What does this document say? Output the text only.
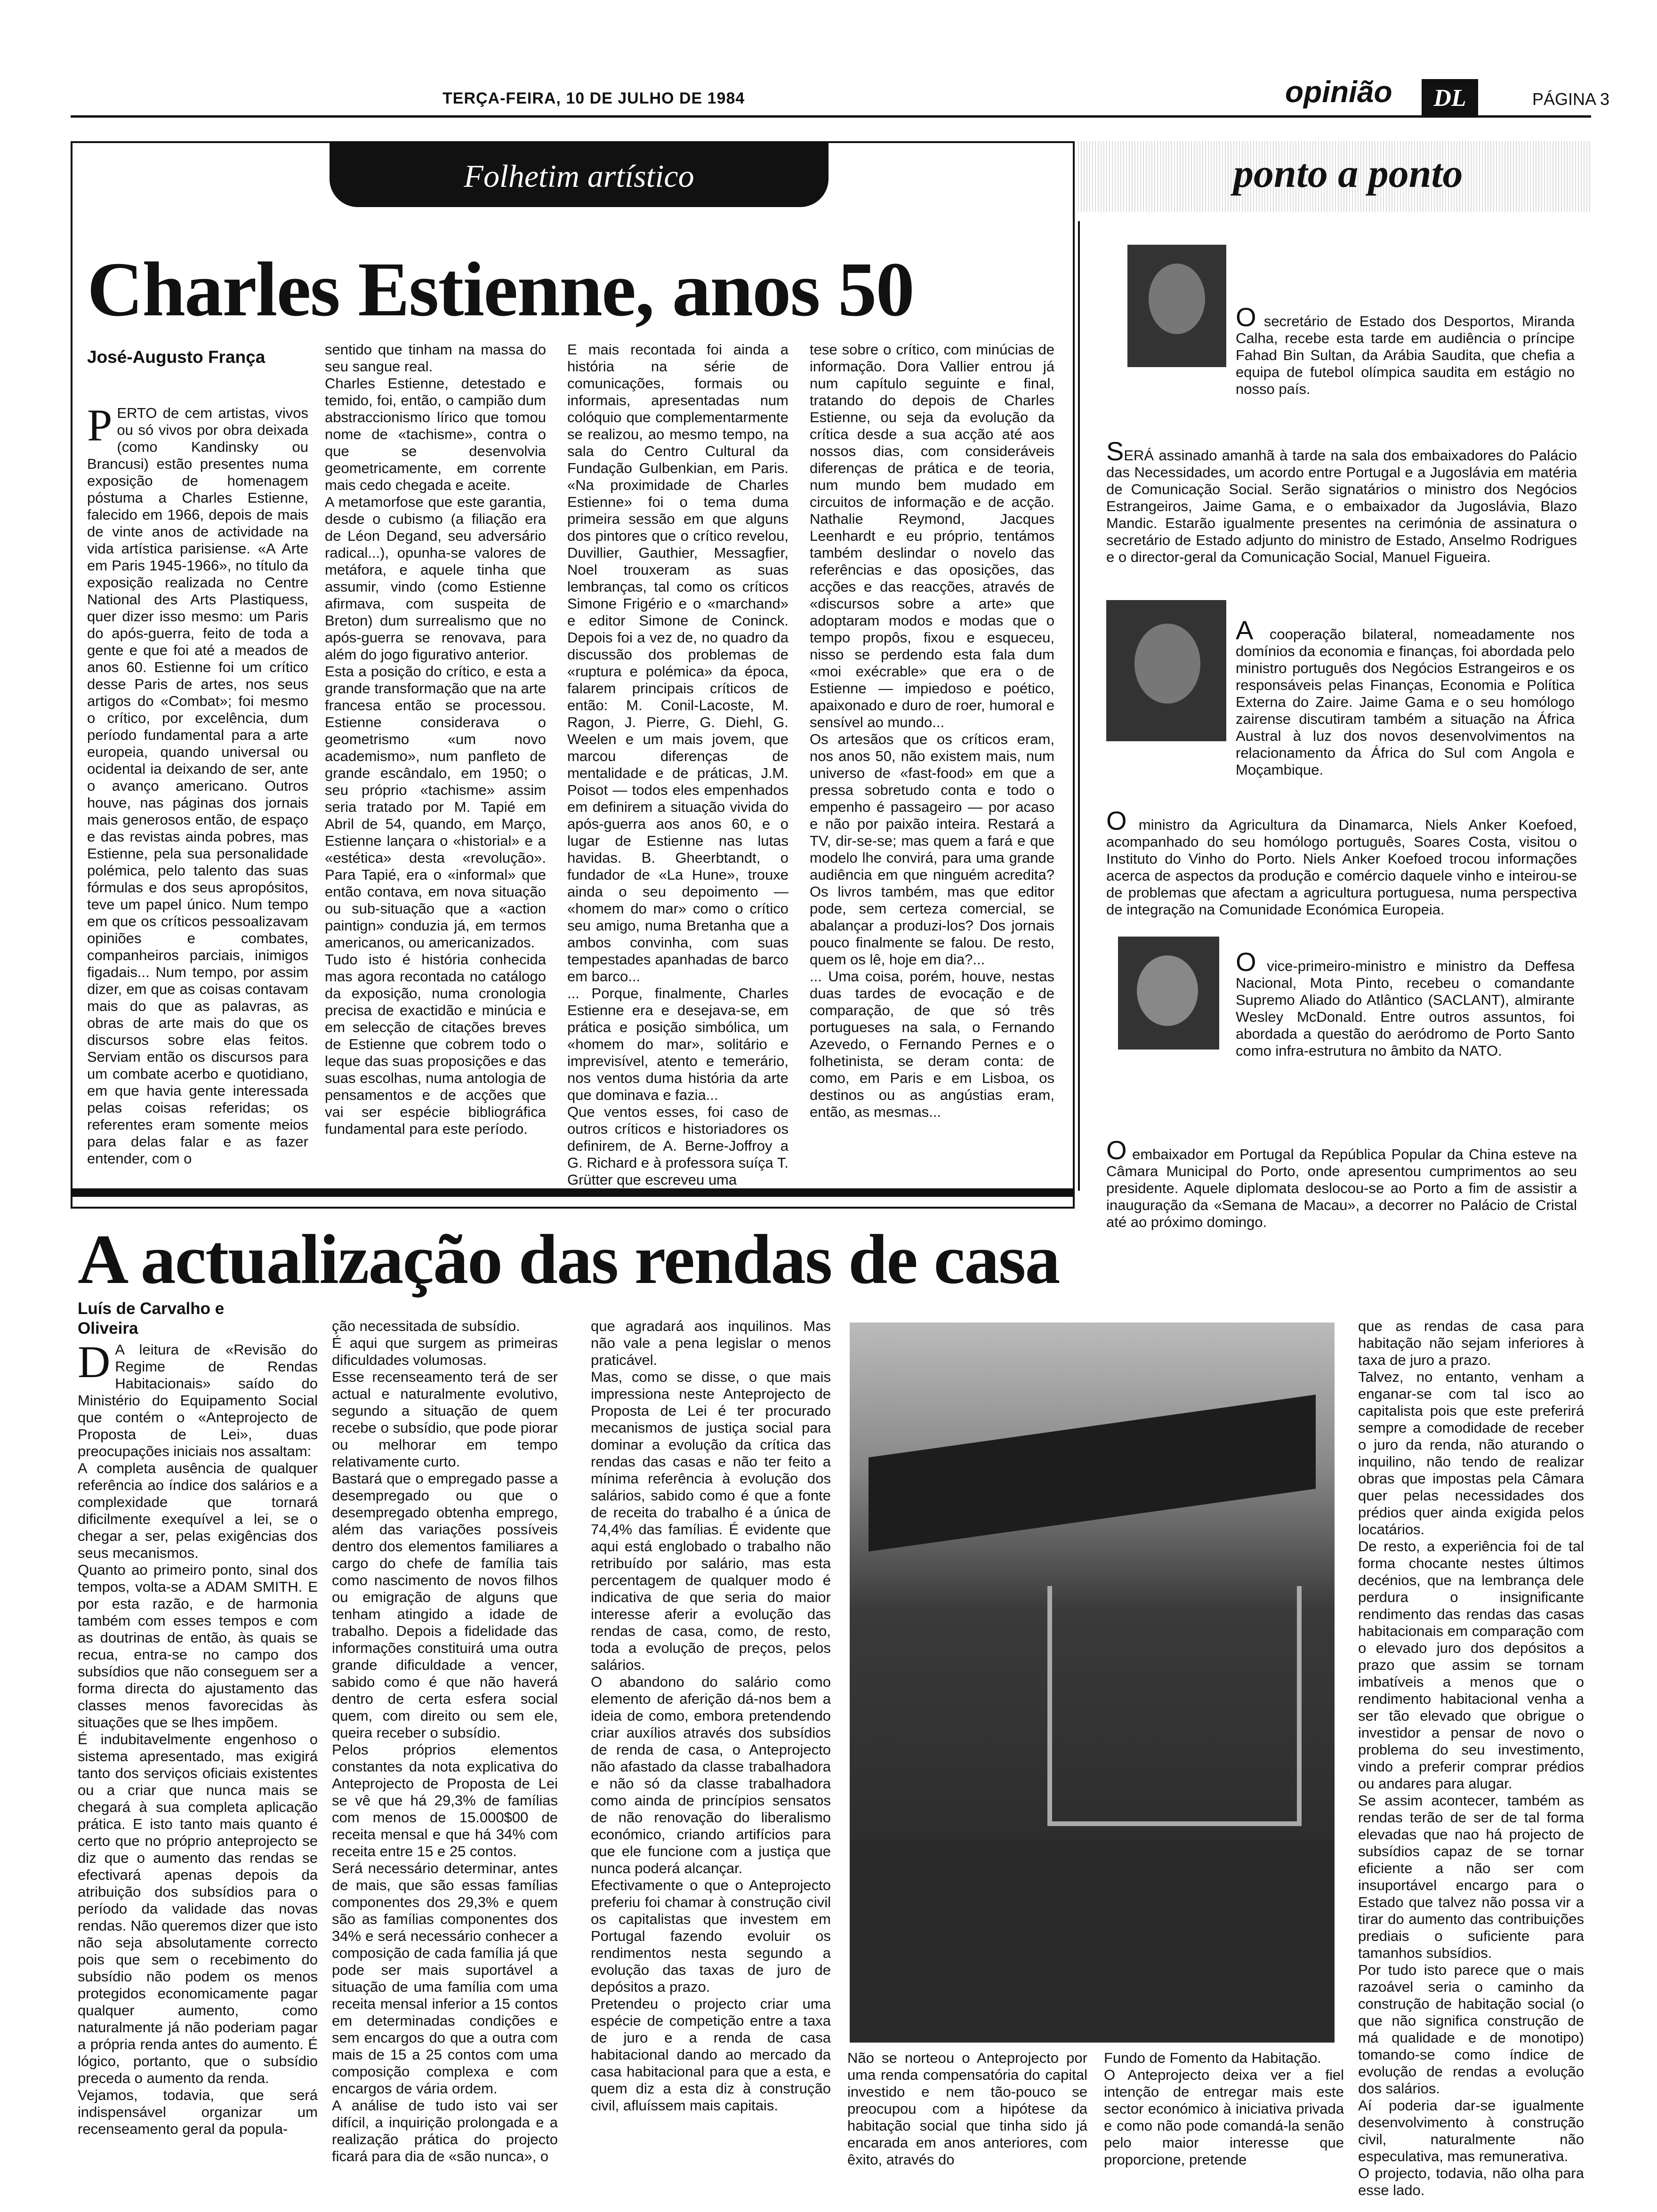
TERÇA-FEIRA, 10 DE JULHO DE 1984	opinião	DL	PÁGINA 3
Folhetim artístico
Charles Estienne, anos 50
José-Augusto França
PERTO de cem artistas, vivos ou só vivos por obra deixada (como Kandinsky ou Brancusi) estão presentes numa exposição de homenagem póstuma a Charles Estienne, falecido em 1966, depois de mais de vinte anos de actividade na vida artística parisiense. «A Arte em Paris 1945-1966», no título da exposição realizada no Centre National des Arts Plastiquess, quer dizer isso mesmo: um Paris do após-guerra, feito de toda a gente e que foi até a meados de anos 60. Estienne foi um crítico desse Paris de artes, nos seus artigos do «Combat»; foi mesmo o crítico, por excelência, dum período fundamental para a arte europeia, quando universal ou ocidental ia deixando de ser, ante o avanço americano. Outros houve, nas páginas dos jornais mais generosos então, de espaço e das revistas ainda pobres, mas Estienne, pela sua personalidade polémica, pelo talento das suas fórmulas e dos seus apropósitos, teve um papel único. Num tempo em que os críticos pessoalizavam opiniões e combates, companheiros parciais, inimigos figadais... Num tempo, por assim dizer, em que as coisas contavam mais do que as palavras, as obras de arte mais do que os discursos sobre elas feitos. Serviam então os discursos para um combate acerbo e quotidiano, em que havia gente interessada pelas coisas referidas; os referentes eram somente meios para delas falar e as fazer entender, com o
sentido que tinham na massa do seu sangue real.
Charles Estienne, detestado e temido, foi, então, o campião dum abstraccionismo lírico que tomou nome de «tachisme», contra o que se desenvolvia geometricamente, em corrente mais cedo chegada e aceite.
A metamorfose que este garantia, desde o cubismo (a filiação era de Léon Degand, seu adversário radical...), opunha-se valores de metáfora, e aquele tinha que assumir, vindo (como Estienne afirmava, com suspeita de Breton) dum surrealismo que no após-guerra se renovava, para além do jogo figurativo anterior.
Esta a posição do crítico, e esta a grande transformação que na arte francesa então se processou. Estienne considerava o geometrismo «um novo academismo», num panfleto de grande escândalo, em 1950; o seu próprio «tachisme» assim seria tratado por M. Tapié em Abril de 54, quando, em Março, Estienne lançara o «historial» e a «estética» desta «revolução». Para Tapié, era o «informal» que então contava, em nova situação ou sub-situação que a «action paintign» conduzia já, em termos americanos, ou americanizados.
Tudo isto é história conhecida mas agora recontada no catálogo da exposição, numa cronologia precisa de exactidão e minúcia e em selecção de citações breves de Estienne que cobrem todo o leque das suas proposições e das suas escolhas, numa antologia de pensamentos e de acções que vai ser espécie bibliográfica fundamental para este período.
E mais recontada foi ainda a história na série de comunicações, formais ou informais, apresentadas num colóquio que complementarmente se realizou, ao mesmo tempo, na sala do Centro Cultural da Fundação Gulbenkian, em Paris. «Na proximidade de Charles Estienne» foi o tema duma primeira sessão em que alguns dos pintores que o crítico revelou, Duvillier, Gauthier, Messagfier, Noel trouxeram as suas lembranças, tal como os críticos Simone Frigério e o «marchand» e editor Simone de Coninck. Depois foi a vez de, no quadro da discussão dos problemas de «ruptura e polémica» da época, falarem principais críticos de então: M. Conil-Lacoste, M. Ragon, J. Pierre, G. Diehl, G. Weelen e um mais jovem, que marcou diferenças de mentalidade e de práticas, J.M. Poisot — todos eles empenhados em definirem a situação vivida do após-guerra aos anos 60, e o lugar de Estienne nas lutas havidas. B. Gheerbtandt, o fundador de «La Hune», trouxe ainda o seu depoimento — «homem do mar» como o crítico seu amigo, numa Bretanha que a ambos convinha, com suas tempestades apanhadas de barco em barco...
... Porque, finalmente, Charles Estienne era e desejava-se, em prática e posição simbólica, um «homem do mar», solitário e imprevisível, atento e temerário, nos ventos duma história da arte que dominava e fazia...
Que ventos esses, foi caso de outros críticos e historiadores os definirem, de A. Berne-Joffroy a G. Richard e à professora suíça T. Grütter que escreveu uma
tese sobre o crítico, com minúcias de informação. Dora Vallier entrou já num capítulo seguinte e final, tratando do depois de Charles Estienne, ou seja da evolução da crítica desde a sua acção até aos nossos dias, com consideráveis diferenças de prática e de teoria, num mundo bem mudado em circuitos de informação e de acção. Nathalie Reymond, Jacques Leenhardt e eu próprio, tentámos também deslindar o novelo das referências e das oposições, das acções e das reacções, através de «discursos sobre a arte» que adoptaram modos e modas que o tempo propôs, fixou e esqueceu, nisso se perdendo esta fala dum «moi exécrable» que era o de Estienne — impiedoso e poético, apaixonado e duro de roer, humoral e sensível ao mundo...
Os artesãos que os críticos eram, nos anos 50, não existem mais, num universo de «fast-food» em que a pressa sobretudo conta e todo o empenho é passageiro — por acaso e não por paixão inteira. Restará a TV, dir-se-se; mas quem a fará e que modelo lhe convirá, para uma grande audiência em que ninguém acredita? Os livros também, mas que editor pode, sem certeza comercial, se abalançar a produzi-los? Dos jornais pouco finalmente se falou. De resto, quem os lê, hoje em dia?...
... Uma coisa, porém, houve, nestas duas tardes de evocação e de comparação, de que só três portugueses na sala, o Fernando Azevedo, o Fernando Pernes e o folhetinista, se deram conta: de como, em Paris e em Lisboa, os destinos ou as angústias eram, então, as mesmas...
ponto a ponto

O secretário de Estado dos Desportos, Miranda Calha, recebe esta tarde em audiência o príncipe Fahad Bin Sultan, da Arábia Saudita, que chefia a equipa de futebol olímpica saudita em estágio no nosso país.

SERÁ assinado amanhã à tarde na sala dos embaixadores do Palácio das Necessidades, um acordo entre Portugal e a Jugoslávia em matéria de Comunicação Social. Serão signatários o ministro dos Negócios Estrangeiros, Jaime Gama, e o embaixador da Jugoslávia, Blazo Mandic. Estarão igualmente presentes na cerimónia de assinatura o secretário de Estado adjunto do ministro de Estado, Anselmo Rodrigues e o director-geral da Comunicação Social, Manuel Figueira.

A cooperação bilateral, nomeadamente nos domínios da economia e finanças, foi abordada pelo ministro português dos Negócios Estrangeiros e os responsáveis pelas Finanças, Economia e Política Externa do Zaire. Jaime Gama e o seu homólogo zairense discutiram também a situação na África Austral à luz dos novos desenvolvimentos na relacionamento da África do Sul com Angola e Moçambique.

O ministro da Agricultura da Dinamarca, Niels Anker Koefoed, acompanhado do seu homólogo português, Soares Costa, visitou o Instituto do Vinho do Porto. Niels Anker Koefoed trocou informações acerca de aspectos da produção e comércio daquele vinho e inteirou-se de problemas que afectam a agricultura portuguesa, numa perspectiva de integração na Comunidade Económica Europeia.

O vice-primeiro-ministro e ministro da Deffesa Nacional, Mota Pinto, recebeu o comandante Supremo Aliado do Atlântico (SACLANT), almirante Wesley McDonald. Entre outros assuntos, foi abordada a questão do aeródromo de Porto Santo como infra-estrutura no âmbito da NATO.

O embaixador em Portugal da República Popular da China esteve na Câmara Municipal do Porto, onde apresentou cumprimentos ao seu presidente. Aquele diplomata deslocou-se ao Porto a fim de assistir a inauguração da «Semana de Macau», a decorrer no Palácio de Cristal até ao próximo domingo.

A actualização das rendas de casa
Luís de Carvalho e Oliveira
D A leitura de «Revisão do Regime de Rendas Habitacionais» saído do Ministério do Equipamento Social que contém o «Anteprojecto de Proposta de Lei», duas preocupações iniciais nos assaltam:
A completa ausência de qualquer referência ao índice dos salários e a complexidade que tornará dificilmente exequível a lei, se o chegar a ser, pelas exigências dos seus mecanismos.
Quanto ao primeiro ponto, sinal dos tempos, volta-se a ADAM SMITH. E por esta razão, e de harmonia também com esses tempos e com as doutrinas de então, às quais se recua, entra-se no campo dos subsídios que não conseguem ser a forma directa do ajustamento das classes menos favorecidas às situações que se lhes impõem.
É indubitavelmente engenhoso o sistema apresentado, mas exigirá tanto dos serviços oficiais existentes ou a criar que nunca mais se chegará à sua completa aplicação prática. E isto tanto mais quanto é certo que no próprio anteprojecto se diz que o aumento das rendas se efectivará apenas depois da atribuição dos subsídios para o período da validade das novas rendas. Não queremos dizer que isto não seja absolutamente correcto pois que sem o recebimento do subsídio não podem os menos protegidos economicamente pagar qualquer aumento, como naturalmente já não poderiam pagar a própria renda antes do aumento. É lógico, portanto, que o subsídio preceda o aumento da renda.
Vejamos, todavia, que será indispensável organizar um recenseamento geral da popula-
ção necessitada de subsídio.
É aqui que surgem as primeiras dificuldades volumosas.
Esse recenseamento terá de ser actual e naturalmente evolutivo, segundo a situação de quem recebe o subsídio, que pode piorar ou melhorar em tempo relativamente curto.
Bastará que o empregado passe a desempregado ou que o desempregado obtenha emprego, além das variações possíveis dentro dos elementos familiares a cargo do chefe de família tais como nascimento de novos filhos ou emigração de alguns que tenham atingido a idade de trabalho. Depois a fidelidade das informações constituirá uma outra grande dificuldade a vencer, sabido como é que não haverá dentro de certa esfera social quem, com direito ou sem ele, queira receber o subsídio.
Pelos próprios elementos constantes da nota explicativa do Anteprojecto de Proposta de Lei se vê que há 29,3% de famílias com menos de 15.000$00 de receita mensal e que há 34% com receita entre 15 e 25 contos.
Será necessário determinar, antes de mais, que são essas famílias componentes dos 29,3% e quem são as famílias componentes dos 34% e será necessário conhecer a composição de cada família já que pode ser mais suportável a situação de uma família com uma receita mensal inferior a 15 contos em determinadas condições e sem encargos do que a outra com mais de 15 a 25 contos com uma composição complexa e com encargos de vária ordem.
A análise de tudo isto vai ser difícil, a inquirição prolongada e a realização prática do projecto ficará para dia de «são nunca», o
que agradará aos inquilinos. Mas não vale a pena legislar o menos praticável.
Mas, como se disse, o que mais impressiona neste Anteprojecto de Proposta de Lei é ter procurado mecanismos de justiça social para dominar a evolução da crítica das rendas das casas e não ter feito a mínima referência à evolução dos salários, sabido como é que a fonte de receita do trabalho é a única de 74,4% das famílias. É evidente que aqui está englobado o trabalho não retribuído por salário, mas esta percentagem de qualquer modo é indicativa de que seria do maior interesse aferir a evolução das rendas de casa, como, de resto, toda a evolução de preços, pelos salários.
O abandono do salário como elemento de aferição dá-nos bem a ideia de como, embora pretendendo criar auxílios através dos subsídios de renda de casa, o Anteprojecto não afastado da classe trabalhadora e não só da classe trabalhadora como ainda de princípios sensatos de não renovação do liberalismo económico, criando artifícios para que ele funcione com a justiça que nunca poderá alcançar.
Efectivamente o que o Anteprojecto preferiu foi chamar à construção civil os capitalistas que investem em Portugal fazendo evoluir os rendimentos nesta segundo a evolução das taxas de juro de depósitos a prazo.
Pretendeu o projecto criar uma espécie de competição entre a taxa de juro e a renda de casa habitacional dando ao mercado da casa habitacional para que a esta, e quem diz a esta diz à construção civil, afluíssem mais capitais.
Não se norteou o Anteprojecto por uma renda compensatória do capital investido e nem tão-pouco se preocupou com a hipótese da habitação social que tinha sido já encarada em anos anteriores, com êxito, através do
Fundo de Fomento da Habitação.
O Anteprojecto deixa ver a fiel intenção de entregar mais este sector económico à iniciativa privada e como não pode comandá-la senão pelo maior interesse que proporcione, pretende
que as rendas de casa para habitação não sejam inferiores à taxa de juro a prazo.
Talvez, no entanto, venham a enganar-se com tal isco ao capitalista pois que este preferirá sempre a comodidade de receber o juro da renda, não aturando o inquilino, não tendo de realizar obras que impostas pela Câmara quer pelas necessidades dos prédios quer ainda exigida pelos locatários.
De resto, a experiência foi de tal forma chocante nestes últimos decénios, que na lembrança dele perdura o insignificante rendimento das rendas das casas habitacionais em comparação com o elevado juro dos depósitos a prazo que assim se tornam imbatíveis a menos que o rendimento habitacional venha a ser tão elevado que obrigue o investidor a pensar de novo o problema do seu investimento, vindo a preferir comprar prédios ou andares para alugar.
Se assim acontecer, também as rendas terão de ser de tal forma elevadas que nao há projecto de subsídios capaz de se tornar eficiente a não ser com insuportável encargo para o Estado que talvez não possa vir a tirar do aumento das contribuições prediais o suficiente para tamanhos subsídios.
Por tudo isto parece que o mais razoável seria o caminho da construção de habitação social (o que não significa construção de má qualidade e de monotipo) tomando-se como índice de evolução de rendas a evolução dos salários.
Aí poderia dar-se igualmente desenvolvimento à construção civil, naturalmente não especulativa, mas remunerativa.
O projecto, todavia, não olha para esse lado.
